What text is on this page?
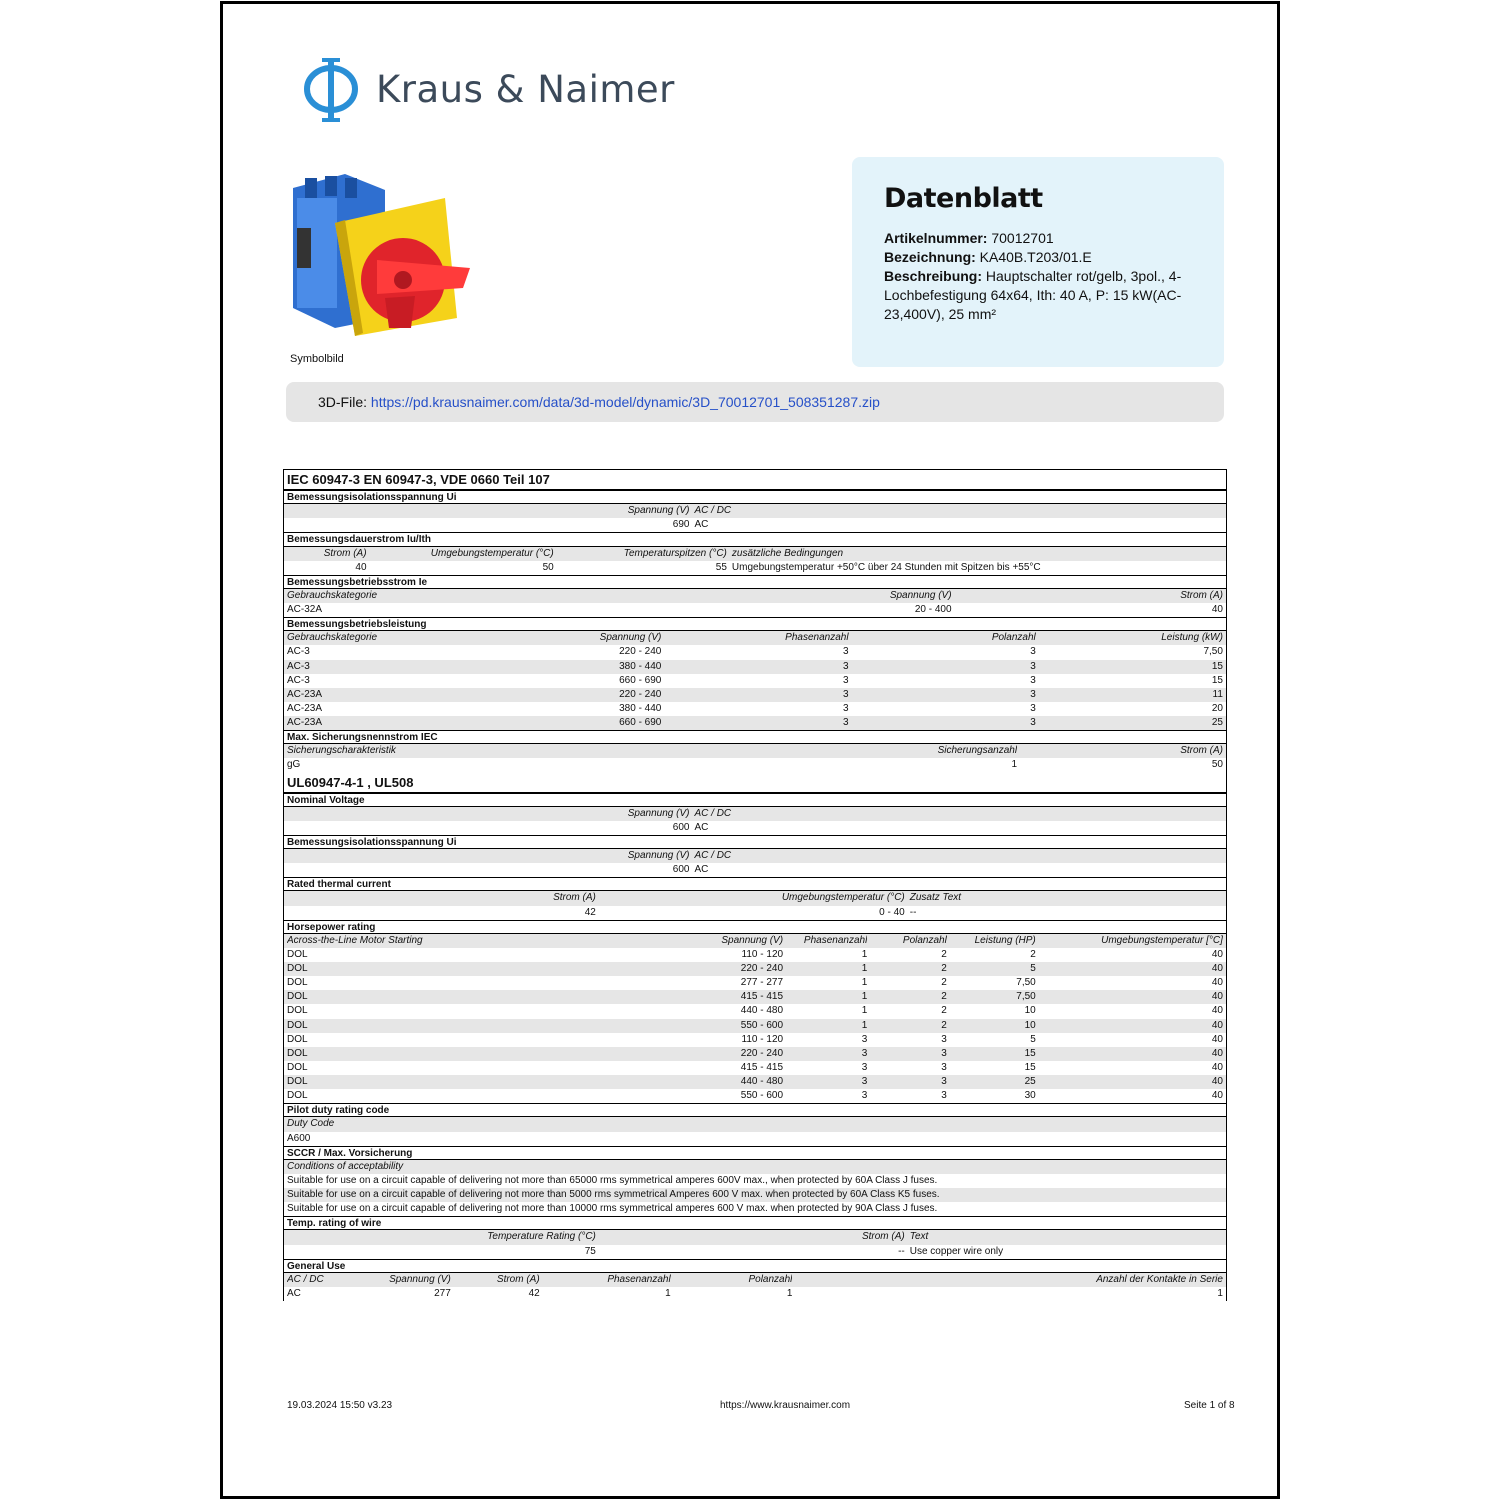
Kraus & Naimer
Symbolbild
Datenblatt

Artikelnummer: 70012701

Bezeichnung: KA40B.T203/01.E

Beschreibung: Hauptschalter rot/gelb, 3pol., 4-Lochbefestigung 64x64, Ith: 40 A, P: 15 kW(AC-23,400V), 25 mm²

3D-File: https://pd.krausnaimer.com/data/3d-model/dynamic/3D_70012701_508351287.zip
IEC 60947-3 EN 60947-3, VDE 0660 Teil 107
Bemessungsisolationsspannung Ui
Spannung (V) AC / DC
690 AC
Bemessungsdauerstrom Iu/Ith
Strom (A)	Umgebungstemperatur (°C)	Temperaturspitzen (°C) zusätzliche Bedingungen
40	50	55 Umgebungstemperatur +50°C über 24 Stunden mit Spitzen bis +55°C
Bemessungsbetriebsstrom Ie
Gebrauchskategorie	Spannung (V)	Strom (A)
AC-32A	20 - 400	40
Bemessungsbetriebsleistung
Gebrauchskategorie	Spannung (V)	Phasenanzahl	Polanzahl	Leistung (kW)
AC-3	220 - 240	3	3	7,50
AC-3	380 - 440	3	3	15
AC-3	660 - 690	3	3	15
AC-23A	220 - 240	3	3	11
AC-23A	380 - 440	3	3	20
AC-23A	660 - 690	3	3	25
Max. Sicherungsnennstrom IEC
Sicherungscharakteristik	Sicherungsanzahl	Strom (A)
gG	1	50
UL60947-4-1 , UL508
Nominal Voltage
Spannung (V) AC / DC
600 AC
Bemessungsisolationsspannung Ui
Spannung (V) AC / DC
600 AC
Rated thermal current
Strom (A)	Umgebungstemperatur (°C) Zusatz Text
42	0 - 40 --
Horsepower rating
Across-the-Line Motor Starting	Spannung (V)	Phasenanzahl	Polanzahl	Leistung (HP)	Umgebungstemperatur [°C]
DOL	110 - 120	1	2	2	40
DOL	220 - 240	1	2	5	40
DOL	277 - 277	1	2	7,50	40
DOL	415 - 415	1	2	7,50	40
DOL	440 - 480	1	2	10	40
DOL	550 - 600	1	2	10	40
DOL	110 - 120	3	3	5	40
DOL	220 - 240	3	3	15	40
DOL	415 - 415	3	3	15	40
DOL	440 - 480	3	3	25	40
DOL	550 - 600	3	3	30	40
Pilot duty rating code
Duty Code
A600
SCCR / Max. Vorsicherung
Conditions of acceptability
Suitable for use on a circuit capable of delivering not more than 65000 rms symmetrical amperes 600V max., when protected by 60A Class J fuses.
Suitable for use on a circuit capable of delivering not more than 5000 rms symmetrical Amperes 600 V max. when protected by 60A Class K5 fuses.
Suitable for use on a circuit capable of delivering not more than 10000 rms symmetrical amperes 600 V max. when protected by 90A Class J fuses.
Temp. rating of wire
Temperature Rating (°C)	Strom (A) Text
75	-- Use copper wire only
General Use
AC / DC	Spannung (V)	Strom (A)	Phasenanzahl	Polanzahl	Anzahl der Kontakte in Serie
AC	277	42	1	1	1
19.03.2024 15:50 v3.23	https://www.krausnaimer.com	Seite 1 of 8
